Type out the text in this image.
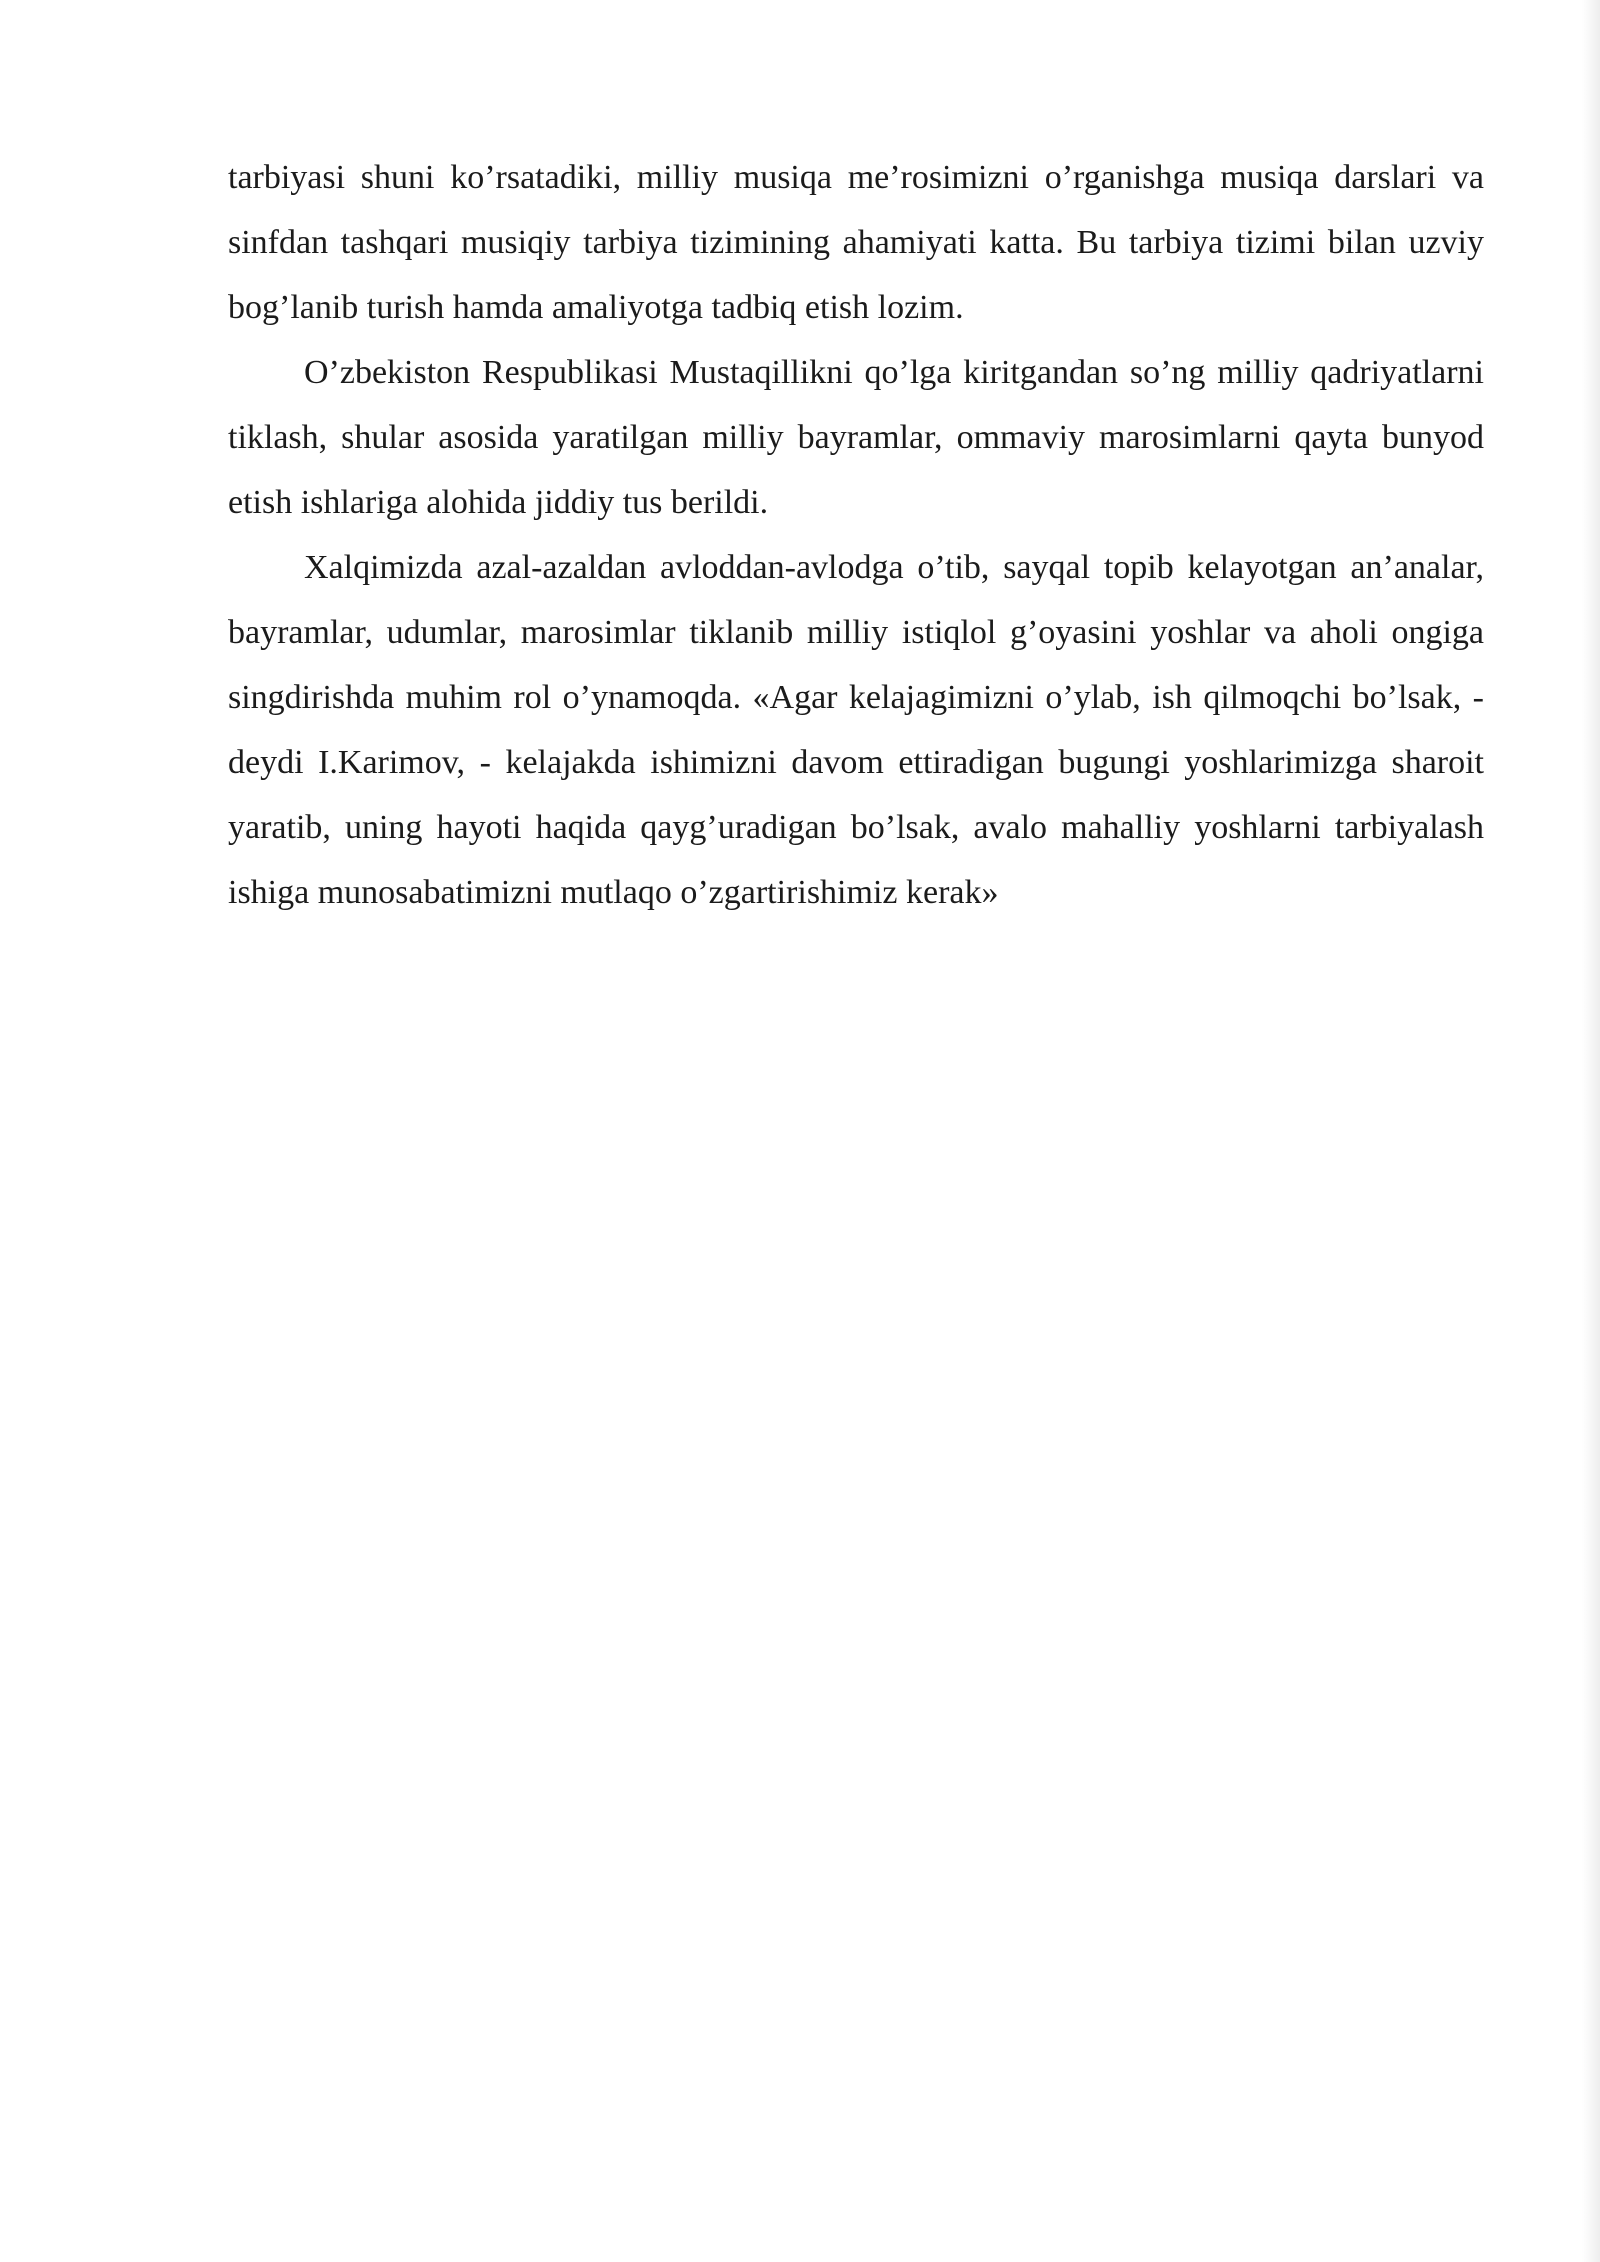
tarbiyasi shuni ko’rsatadiki, milliy musiqa me’rosimizni o’rganishga musiqa darslari va sinfdan tashqari musiqiy tarbiya tizimining ahamiyati katta. Bu tarbiya tizimi bilan uzviy bog’lanib turish hamda amaliyotga tadbiq etish lozim.

O’zbekiston Respublikasi Mustaqillikni qo’lga kiritgandan so’ng milliy qadriyatlarni tiklash, shular asosida yaratilgan milliy bayramlar, ommaviy marosimlarni qayta bunyod etish ishlariga alohida jiddiy tus berildi.

Xalqimizda azal-azaldan avloddan-avlodga o’tib, sayqal topib kelayotgan an’analar, bayramlar, udumlar, marosimlar tiklanib milliy istiqlol g’oyasini yoshlar va aholi ongiga singdirishda muhim rol o’ynamoqda. «Agar kelajagimizni o’ylab, ish qilmoqchi bo’lsak, -deydi I.Karimov, - kelajakda ishimizni davom ettiradigan bugungi yoshlarimizga sharoit yaratib, uning hayoti haqida qayg’uradigan bo’lsak, avalo mahalliy yoshlarni tarbiyalash ishiga munosabatimizni mutlaqo o’zgartirishimiz kerak»
